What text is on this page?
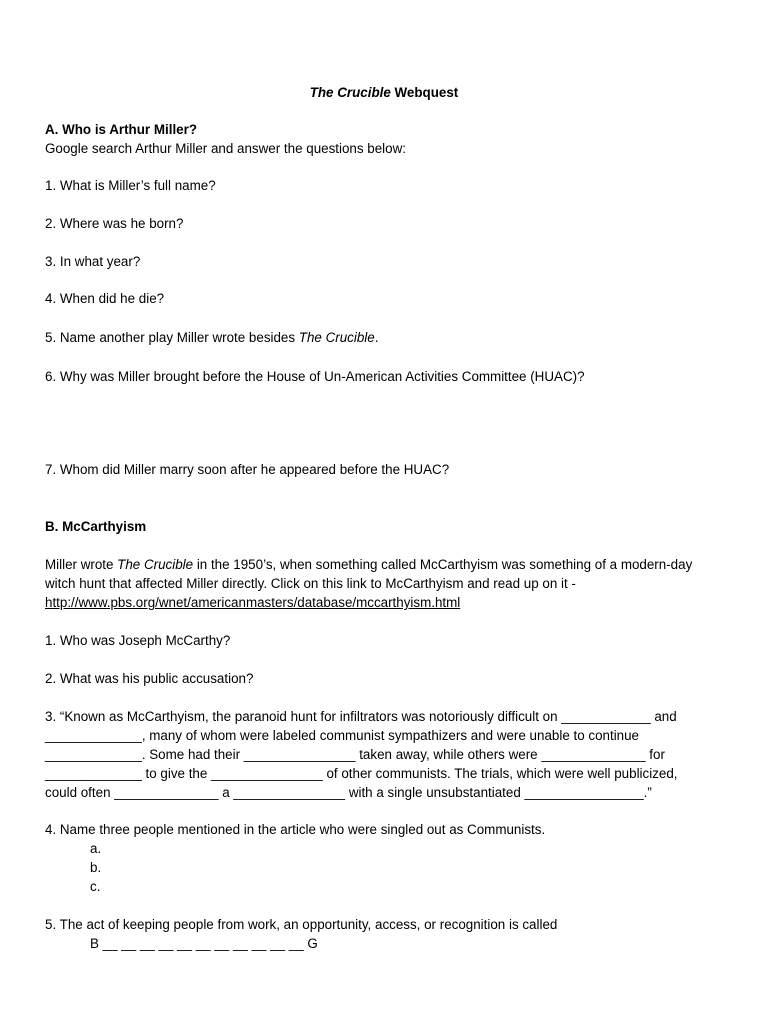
The Crucible Webquest
A. Who is Arthur Miller?
Google search Arthur Miller and answer the questions below:
1. What is Miller’s full name?
2. Where was he born?
3. In what year?
4. When did he die?
5. Name another play Miller wrote besides The Crucible.
6. Why was Miller brought before the House of Un-American Activities Committee (HUAC)?
7. Whom did Miller marry soon after he appeared before the HUAC?
B. McCarthyism
Miller wrote The Crucible in the 1950’s, when something called McCarthyism was something of a modern-day
witch hunt that affected Miller directly. Click on this link to McCarthyism and read up on it -
http://www.pbs.org/wnet/americanmasters/database/mccarthyism.html
1. Who was Joseph McCarthy?
2. What was his public accusation?
3. “Known as McCarthyism, the paranoid hunt for infiltrators was notoriously difficult on ____________ and
_____________, many of whom were labeled communist sympathizers and were unable to continue
_____________. Some had their _______________ taken away, while others were ______________ for
_____________ to give the _______________ of other communists. The trials, which were well publicized,
could often ______________ a _______________ with a single unsubstantiated ________________.”
4. Name three people mentioned in the article who were singled out as Communists.
a.
b.
c.
5. The act of keeping people from work, an opportunity, access, or recognition is called
B __ __ __ __ __ __ __ __ __ __ __ G
